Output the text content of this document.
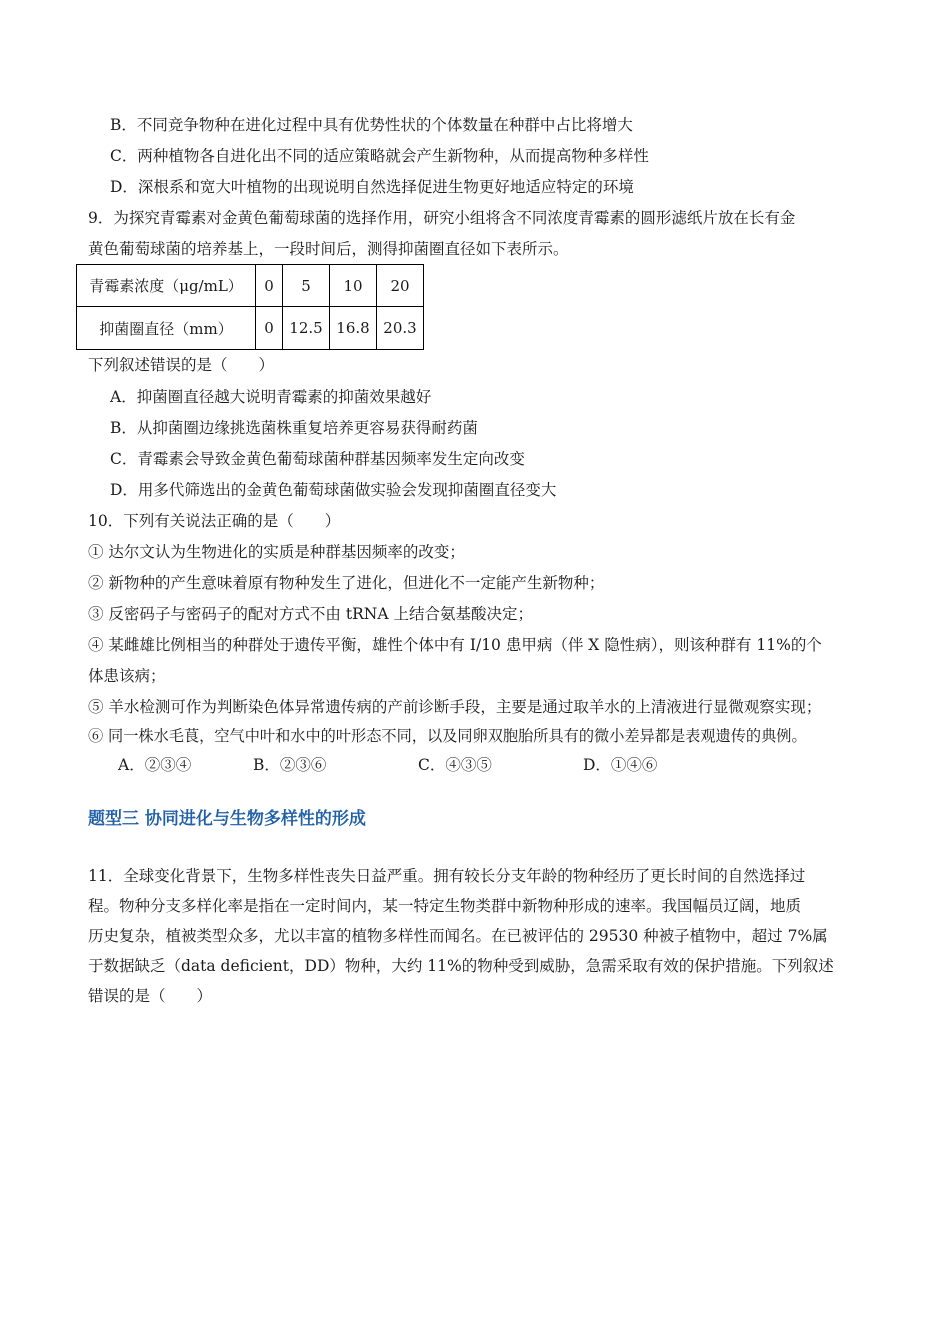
B．不同竞争物种在进化过程中具有优势性状的个体数量在种群中占比将增大
C．两种植物各自进化出不同的适应策略就会产生新物种，从而提高物种多样性
D．深根系和宽大叶植物的出现说明自然选择促进生物更好地适应特定的环境
9．为探究青霉素对金黄色葡萄球菌的选择作用，研究小组将含不同浓度青霉素的圆形滤纸片放在长有金
黄色葡萄球菌的培养基上，一段时间后，测得抑菌圈直径如下表所示。
青霉素浓度（μg/mL）	0	5	10	20
抑菌圈直径（mm）	0	12.5	16.8	20.3
下列叙述错误的是（　　）
A．抑菌圈直径越大说明青霉素的抑菌效果越好
B．从抑菌圈边缘挑选菌株重复培养更容易获得耐药菌
C．青霉素会导致金黄色葡萄球菌种群基因频率发生定向改变
D．用多代筛选出的金黄色葡萄球菌做实验会发现抑菌圈直径变大
10．下列有关说法正确的是（　　）
① 达尔文认为生物进化的实质是种群基因频率的改变；
② 新物种的产生意味着原有物种发生了进化，但进化不一定能产生新物种；
③ 反密码子与密码子的配对方式不由 tRNA 上结合氨基酸决定；
④ 某雌雄比例相当的种群处于遗传平衡，雄性个体中有 I/10 患甲病（伴 X 隐性病），则该种群有 11%的个
体患该病；
⑤ 羊水检测可作为判断染色体异常遗传病的产前诊断手段，主要是通过取羊水的上清液进行显微观察实现；
⑥ 同一株水毛茛，空气中叶和水中的叶形态不同，以及同卵双胞胎所具有的微小差异都是表观遗传的典例。
A．②③④	B．②③⑥	C．④③⑤	D．①④⑥
题型三 协同进化与生物多样性的形成
11．全球变化背景下，生物多样性丧失日益严重。拥有较长分支年龄的物种经历了更长时间的自然选择过
程。物种分支多样化率是指在一定时间内，某一特定生物类群中新物种形成的速率。我国幅员辽阔，地质
历史复杂，植被类型众多，尤以丰富的植物多样性而闻名。在已被评估的 29530 种被子植物中，超过 7%属
于数据缺乏（data deficient，DD）物种，大约 11%的物种受到威胁，急需采取有效的保护措施。下列叙述
错误的是（　　）
